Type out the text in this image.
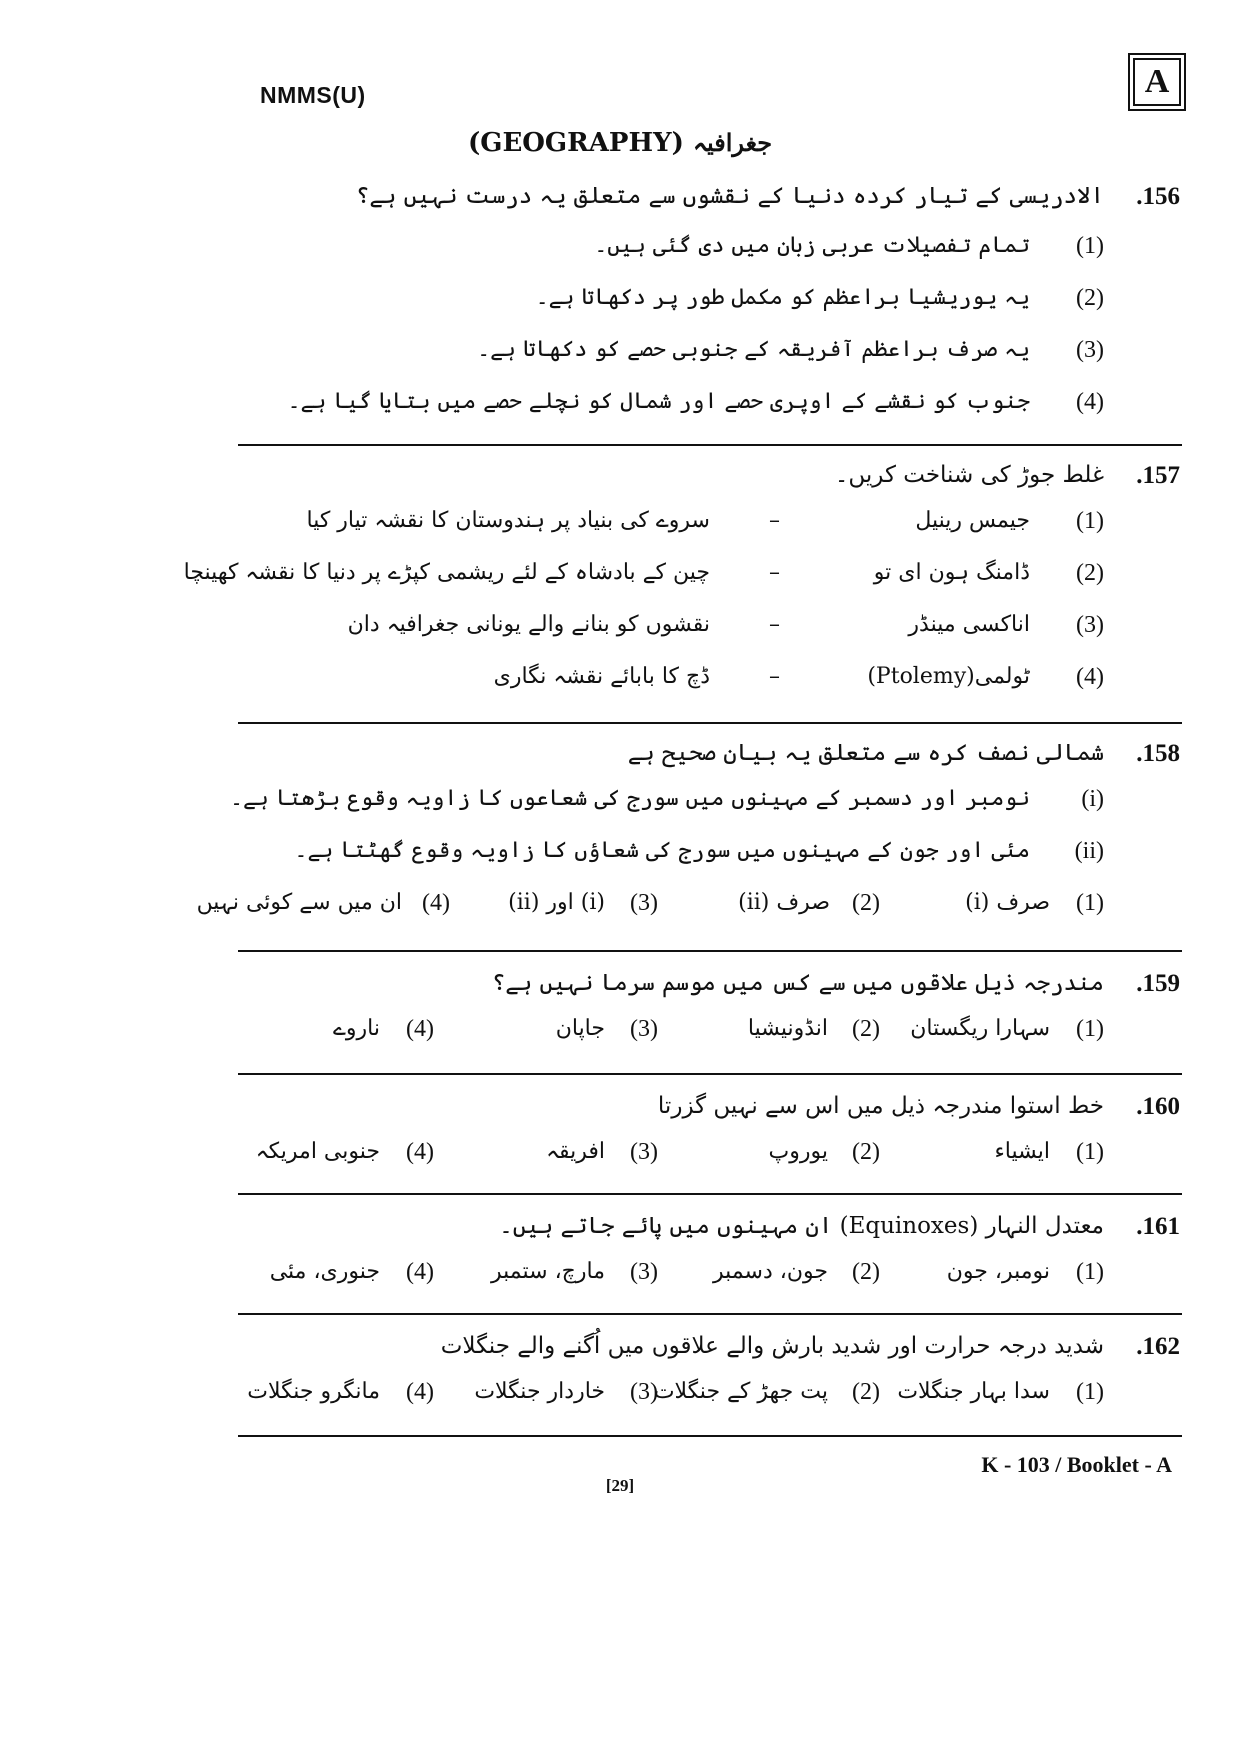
NMMS(U)	A
(GEOGRAPHY) جغرافیہ
.156
الادریسی کے تیار کردہ دنیا کے نقشوں سے متعلق یہ درست نہیں ہے؟
(1)
تمام تفصیلات عربی زبان میں دی گئی ہیں۔
(2)
یہ یوریشیا براعظم کو مکمل طور پر دکھاتا ہے۔
(3)
یہ صرف براعظم آفریقہ کے جنوبی حصے کو دکھاتا ہے۔
(4)
جنوب کو نقشے کے اوپری حصے اور شمال کو نچلے حصے میں بتایا گیا ہے۔
.157
غلط جوڑ کی شناخت کریں۔
(1)
جیمس رینیل
–
سروے کی بنیاد پر ہندوستان کا نقشہ تیار کیا
(2)
ڈامنگ ہون ای تو
–
چین کے بادشاہ کے لئے ریشمی کپڑے پر دنیا کا نقشہ کھینچا
(3)
اناکسی مینڈر
–
نقشوں کو بنانے والے یونانی جغرافیہ دان
(4)
ٹولمی(Ptolemy)
–
ڈچ کا بابائے نقشہ نگاری
.158
شمالی نصف کرہ سے متعلق یہ بیان صحیح ہے
(i)
نومبر اور دسمبر کے مہینوں میں سورج کی شعاعوں کا زاویہ وقوع بڑھتا ہے۔
(ii)
مئی اور جون کے مہینوں میں سورج کی شعاؤں کا زاویہ وقوع گھٹتا ہے۔
(1)
صرف (i)
(2)
صرف (ii)
(3)
(i) اور (ii)
(4)
ان میں سے کوئی نہیں
.159
مندرجہ ذیل علاقوں میں سے کس میں موسم سرما نہیں ہے؟
(1)
سہارا ریگستان
(2)
انڈونیشیا
(3)
جاپان
(4)
ناروے
.160
خط استوا مندرجہ ذیل میں اس سے نہیں گزرتا
(1)
ایشیاء
(2)
یوروپ
(3)
افریقہ
(4)
جنوبی امریکہ
.161
معتدل النہار (Equinoxes) ان مہینوں میں پائے جاتے ہیں۔
(1)
نومبر، جون
(2)
جون، دسمبر
(3)
مارچ، ستمبر
(4)
جنوری، مئی
.162
شدید درجہ حرارت اور شدید بارش والے علاقوں میں اُگنے والے جنگلات
(1)
سدا بہار جنگلات
(2)
پت جھڑ کے جنگلات
(3)
خاردار جنگلات
(4)
مانگرو جنگلات
K - 103 / Booklet - A
[29]
